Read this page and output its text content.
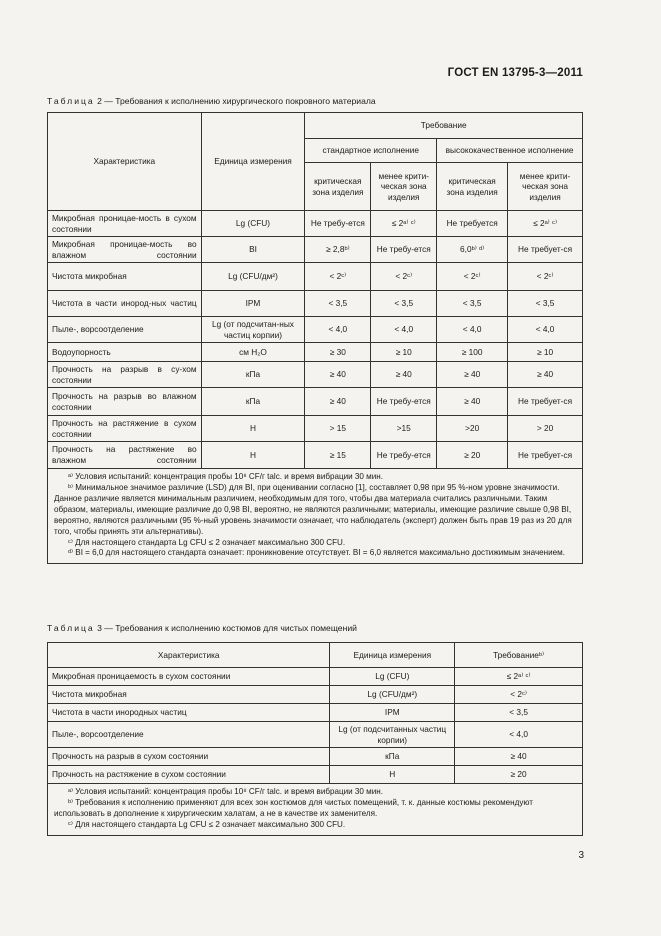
ГОСТ EN 13795-3—2011
Таблица 2 — Требования к исполнению хирургического покровного материала
Характеристика	Единица измерения	Требование			
		стандартное исполнение		высококачественное исполнение	
		критическая зона изделия	менее крити-ческая зона изделия	критическая зона изделия	менее крити-ческая зона изделия
Микробная проницае-мость в сухом состоянии	Lg (CFU)	Не требу-ется	≤ 2ᵃ⁾ ᶜ⁾	Не требуется	≤ 2ᵃ⁾ ᶜ⁾
Микробная проницае-мость во влажном состоянии	BI	≥ 2,8ᵇ⁾	Не требу-ется	6,0ᵇ⁾ ᵈ⁾	Не требует-ся
Чистота микробная	Lg (CFU/дм²)	< 2ᶜ⁾	< 2ᶜ⁾	< 2ᶜ⁾	< 2ᶜ⁾
Чистота в части инород-ных частиц	IPM	< 3,5	< 3,5	< 3,5	< 3,5
Пыле-, ворсоотделение	Lg (от подсчитан-ных частиц корпии)	< 4,0	< 4,0	< 4,0	< 4,0
Водоупорность	см H₂O	≥ 30	≥ 10	≥ 100	≥ 10
Прочность на разрыв в су-хом состоянии	кПа	≥ 40	≥ 40	≥ 40	≥ 40
Прочность на разрыв во влажном состоянии	кПа	≥ 40	Не требу-ется	≥ 40	Не требует-ся
Прочность на растяжение в сухом состоянии	Н	> 15	>15	>20	> 20
Прочность на растяжение во влажном состоянии	Н	≥ 15	Не требу-ется	≥ 20	Не требует-ся

ᵃ⁾ Условия испытаний: концентрация пробы 10⁸ CF/г talc. и время вибрации 30 мин.
ᵇ⁾ Минимальное значимое различие (LSD) для BI, при оценивании согласно [1], составляет 0,98 при 95 %-ном уровне значимости. Данное различие является минимальным различием, необходимым для того, чтобы два материала считались различными. Таким образом, материалы, имеющие различие до 0,98 BI, вероятно, не являются различными; материалы, имеющие различие свыше 0,98 BI, вероятно, являются различными (95 %-ный уровень значимости означает, что наблюдатель (эксперт) должен быть прав 19 раз из 20 для того, чтобы принять эти альтернативы).
ᶜ⁾ Для настоящего стандарта Lg CFU ≤ 2 означает максимально 300 CFU.
ᵈ⁾ BI = 6,0 для настоящего стандарта означает: проникновение отсутствует. BI = 6,0 является максимально достижимым значением.					
Таблица 3 — Требования к исполнению костюмов для чистых помещений
Характеристика	Единица измерения	Требованиеᵇ⁾
Микробная проницаемость в сухом состоянии	Lg (CFU)	≤ 2ᵃ⁾ ᶜ⁾
Чистота микробная	Lg (CFU/дм²)	< 2ᶜ⁾
Чистота в части инородных частиц	IPM	< 3,5
Пыле-, ворсоотделение	Lg (от подсчитанных частиц корпии)	< 4,0
Прочность на разрыв в сухом состоянии	кПа	≥ 40
Прочность на растяжение в сухом состоянии	Н	≥ 20

ᵃ⁾ Условия испытаний: концентрация пробы 10⁸ CF/г talc. и время вибрации 30 мин.
ᵇ⁾ Требования к исполнению применяют для всех зон костюмов для чистых помещений, т. к. данные костюмы рекомендуют использовать в дополнение к хирургическим халатам, а не в качестве их заменителя.
ᶜ⁾ Для настоящего стандарта Lg CFU ≤ 2 означает максимально 300 CFU.		
3
